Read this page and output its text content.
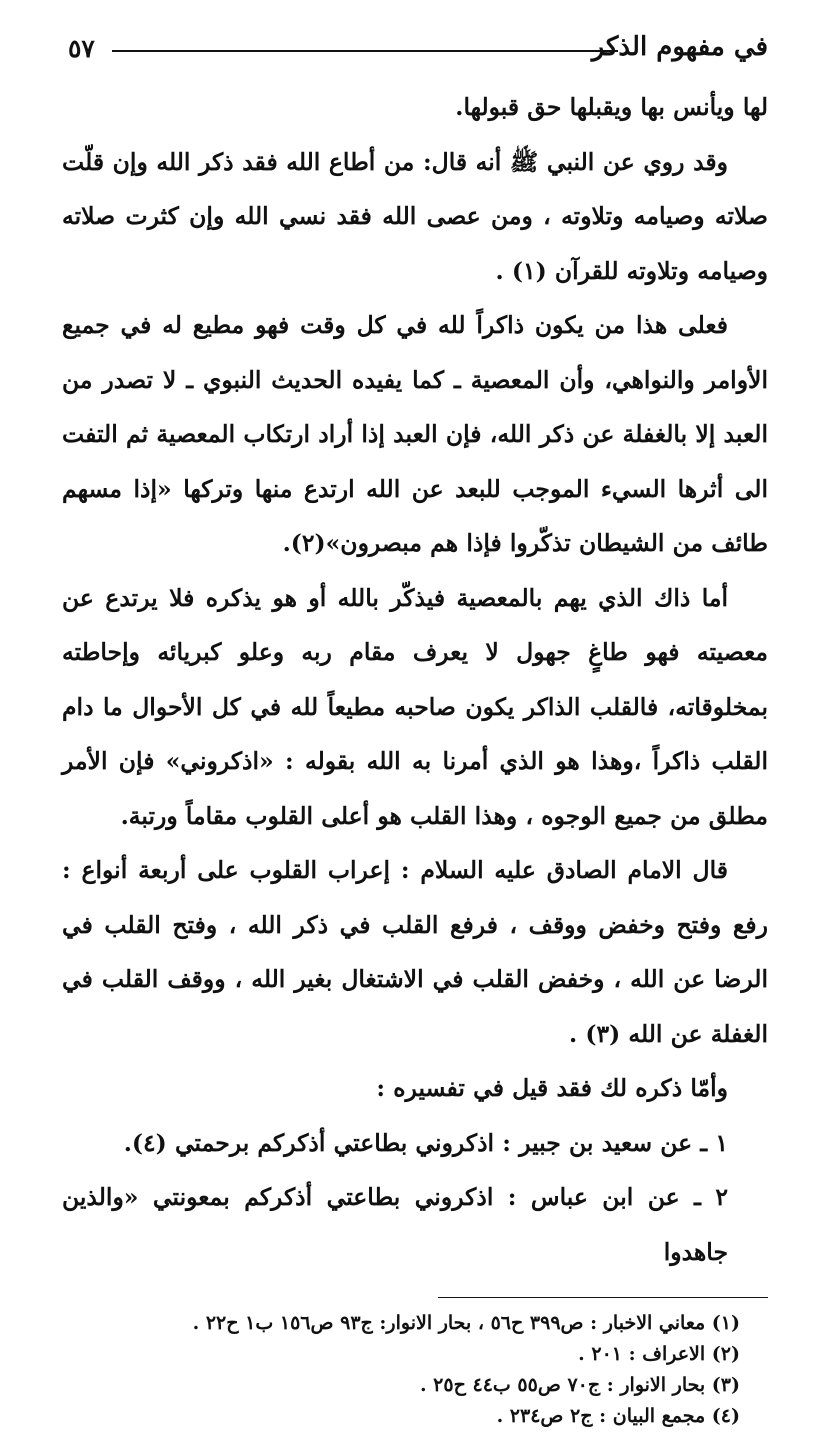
٥٧	في مفهوم الذكر

لها ويأنس بها ويقبلها حق قبولها.

وقد روي عن النبي ﷺ أنه قال: من أطاع الله فقد ذكر الله وإن قلّت صلاته وصيامه وتلاوته ، ومن عصى الله فقد نسي الله وإن كثرت صلاته وصيامه وتلاوته للقرآن (١) .

فعلى هذا من يكون ذاكراً لله في كل وقت فهو مطيع له في جميع الأوامر والنواهي، وأن المعصية ـ كما يفيده الحديث النبوي ـ لا تصدر من العبد إلا بالغفلة عن ذكر الله، فإن العبد إذا أراد ارتكاب المعصية ثم التفت الى أثرها السيء الموجب للبعد عن الله ارتدع منها وتركها «إذا مسهم طائف من الشيطان تذكّروا فإذا هم مبصرون»(٢).

أما ذاك الذي يهم بالمعصية فيذكّر بالله أو هو يذكره فلا يرتدع عن معصيته فهو طاغٍ جهول لا يعرف مقام ربه وعلو كبريائه وإحاطته بمخلوقاته، فالقلب الذاكر يكون صاحبه مطيعاً لله في كل الأحوال ما دام القلب ذاكراً ،وهذا هو الذي أمرنا به الله بقوله : «اذكروني» فإن الأمر مطلق من جميع الوجوه ، وهذا القلب هو أعلى القلوب مقاماً ورتبة.

قال الامام الصادق عليه السلام : إعراب القلوب على أربعة أنواع : رفع وفتح وخفض ووقف ، فرفع القلب في ذكر الله ، وفتح القلب في الرضا عن الله ، وخفض القلب في الاشتغال بغير الله ، ووقف القلب في الغفلة عن الله (٣) .

وأمّا ذكره لك فقد قيل في تفسيره :

١ ـ عن سعيد بن جبير : اذكروني بطاعتي أذكركم برحمتي (٤).

٢ ـ عن ابن عباس : اذكروني بطاعتي أذكركم بمعونتي «والذين جاهدوا

(١) معاني الاخبار : ص٣٩٩ ح٥٦ ، بحار الانوار: ج٩٣ ص١٥٦ ب١ ح٢٢ .
(٢) الاعراف : ٢٠١ .
(٣) بحار الانوار : ج٧٠ ص٥٥ ب٤٤ ح٢٥ .
(٤) مجمع البيان : ج٢ ص٢٣٤ .
